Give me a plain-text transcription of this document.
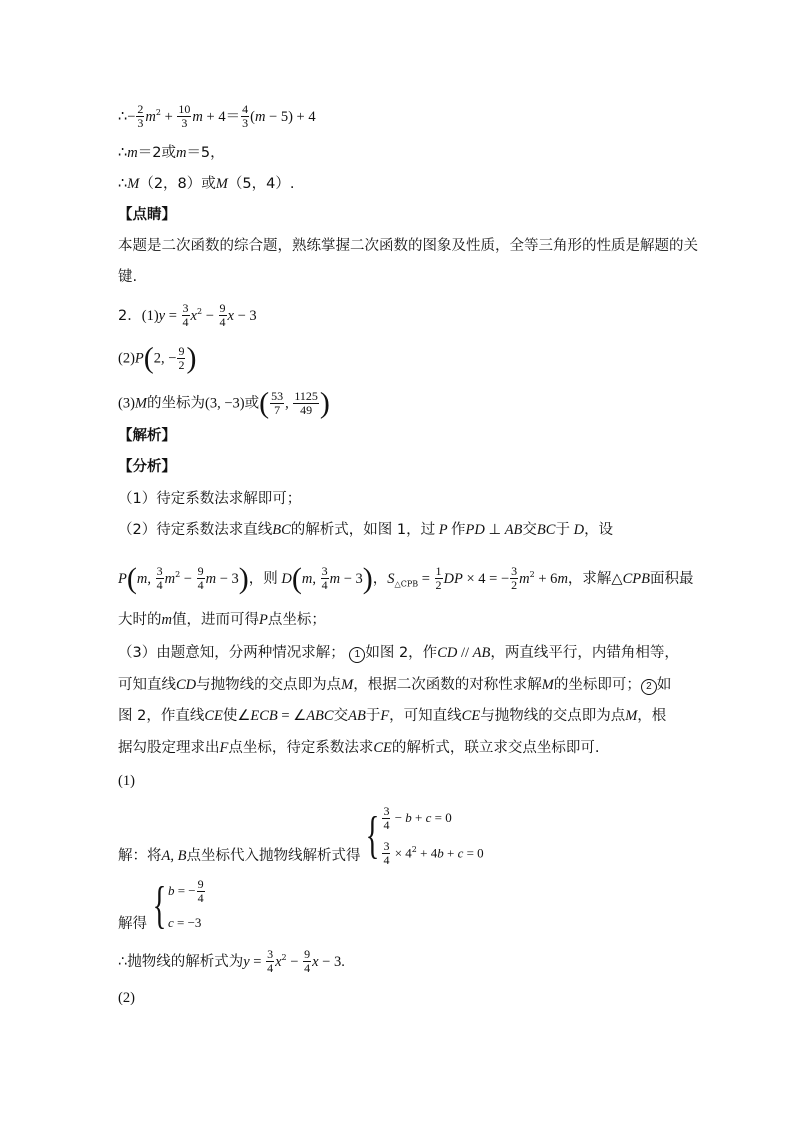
∴− $\frac{2}{3} m^2 + \frac{10}{3}$ $m + 4= \frac{4}{3} (m - 5) + 4$
∴m＝2或m＝5，
∴M（2，8）或M（5，4）.
【点睛】
本题是二次函数的综合题，熟练掌握二次函数的图象及性质，全等三角形的性质是解题的关
键.
2．$(1)y = \frac{3}{4} x^2 - \frac{9}{4}$ x − 3
(2)P(2, − $\frac{9}{2}$ )
(3)M的坐标为(3, −3)或( $\frac{53}{7}$ , $\frac{1125}{49}$ )
【解析】
【分析】
（1）待定系数法求解即可；
（2）待定系数法求直线BC的解析式，如图 1，过 P 作PD ⊥ AB交BC于 D，设
P(m, $\frac{3}{4} m^2 - \frac{9}{4}$ m − 3)，则 D(m, $\frac{3}{4}$ m − 3)，$S_{\triangle CPB} = \frac{1}{2}$ DP × 4 = − $\frac{3}{2} m^2 + 6m$，求解△CPB面积最
大时的m值，进而可得P点坐标；
（3）由题意知，分两种情况求解； 1 如图 2，作CD // AB，两直线平行，内错角相等，
可知直线CD与抛物线的交点即为点M，根据二次函数的对称性求解M的坐标即可； 2 如
图 2，作直线CE使∠ECB = ∠ABC交AB于F，可知直线CE与抛物线的交点即为点M，根
据勾股定理求出F点坐标，待定系数法求CE的解析式，联立求交点坐标即可.
(1)
解：将A, B点坐标代入抛物线解析式得 { $\frac{3}{4} - b + c = 0$
$\frac{3}{4} \times 4^2 + 4b + c = 0$
解得 { b = − $\frac{9}{4}$
c = −3
∴抛物线的解析式为$y = \frac{3}{4} x^2 - \frac{9}{4}$ x − 3.
(2)
